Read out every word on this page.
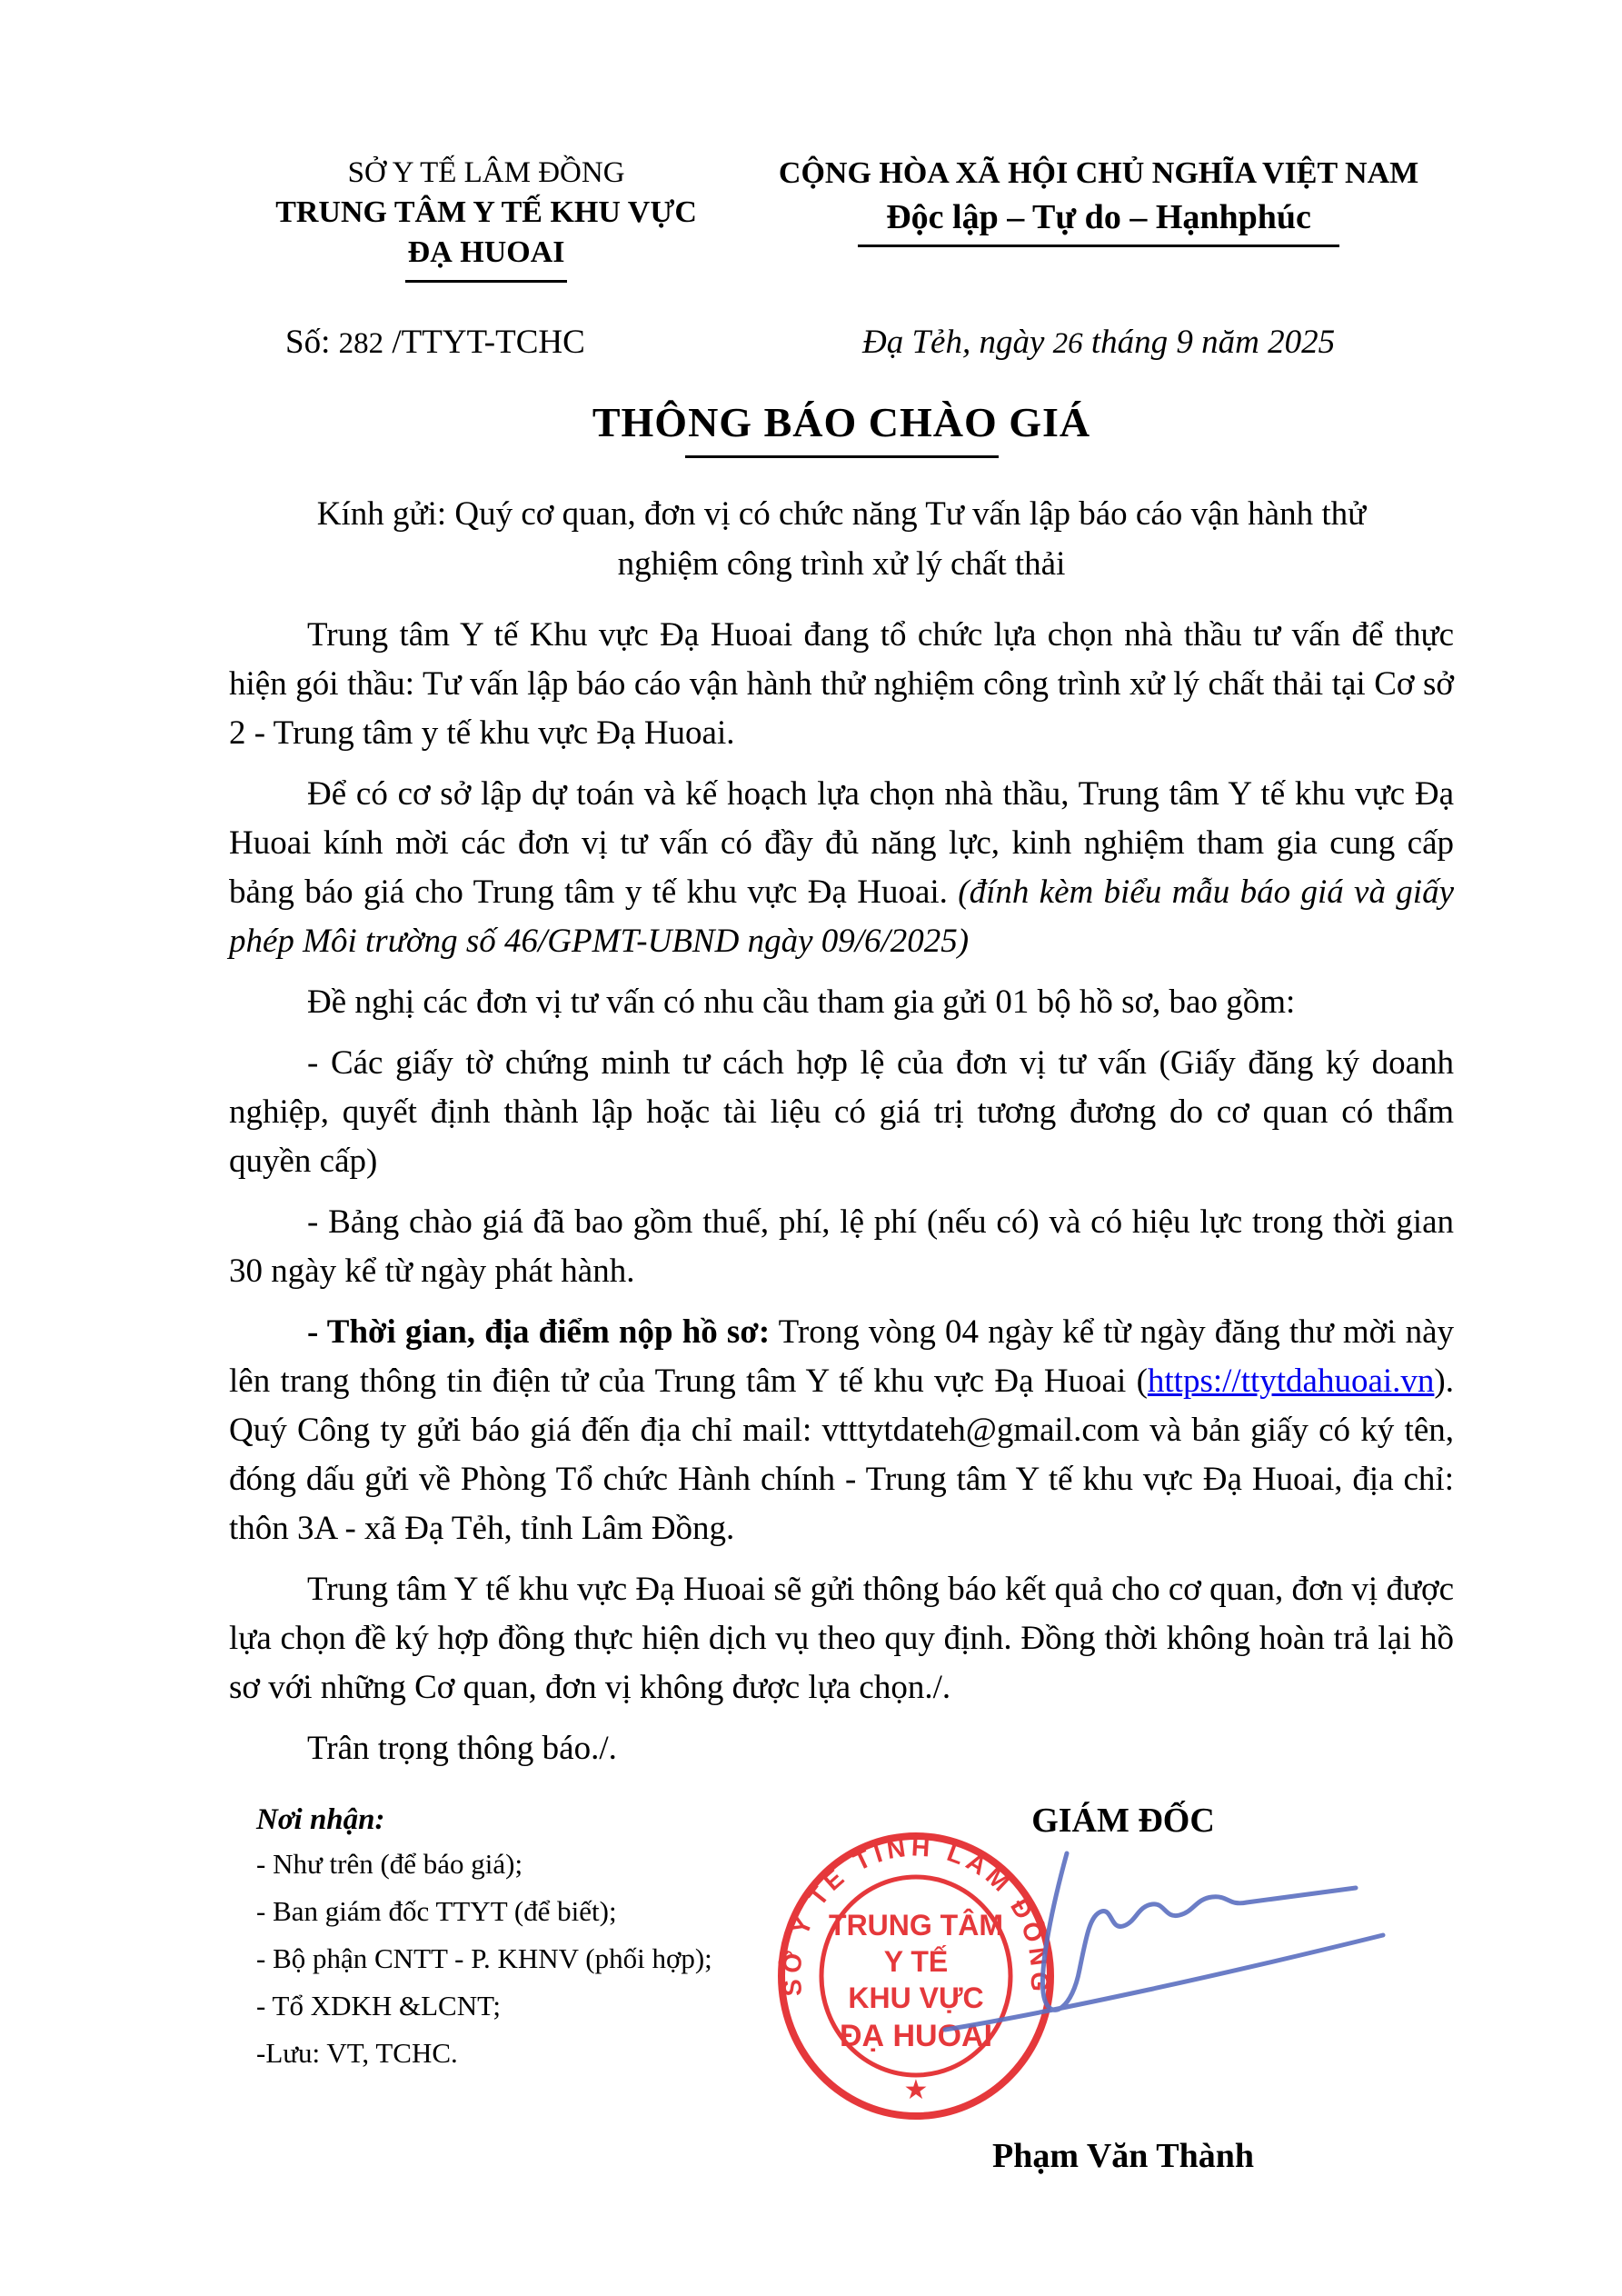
SỞ Y TẾ LÂM ĐỒNG
TRUNG TÂM Y TẾ KHU VỰC
ĐẠ HUOAI
CỘNG HÒA XÃ HỘI CHỦ NGHĨA VIỆT NAM
Độc lập – Tự do – Hạnhphúc
Số: 282 /TTYT-TCHC	Đạ Tẻh, ngày 26 tháng 9 năm 2025
THÔNG BÁO CHÀO GIÁ
Kính gửi: Quý cơ quan, đơn vị có chức năng Tư vấn lập báo cáo vận hành thử
nghiệm công trình xử lý chất thải

Trung tâm Y tế Khu vực Đạ Huoai đang tổ chức lựa chọn nhà thầu tư vấn để thực hiện gói thầu: Tư vấn lập báo cáo vận hành thử nghiệm công trình xử lý chất thải tại Cơ sở 2 - Trung tâm y tế khu vực Đạ Huoai.

Để có cơ sở lập dự toán và kế hoạch lựa chọn nhà thầu, Trung tâm Y tế khu vực Đạ Huoai kính mời các đơn vị tư vấn có đầy đủ năng lực, kinh nghiệm tham gia cung cấp bảng báo giá cho Trung tâm y tế khu vực Đạ Huoai. (đính kèm biểu mẫu báo giá và giấy phép Môi trường số 46/GPMT-UBND ngày 09/6/2025)

Đề nghị các đơn vị tư vấn có nhu cầu tham gia gửi 01 bộ hồ sơ, bao gồm:

- Các giấy tờ chứng minh tư cách hợp lệ của đơn vị tư vấn (Giấy đăng ký doanh nghiệp, quyết định thành lập hoặc tài liệu có giá trị tương đương do cơ quan có thẩm quyền cấp)

- Bảng chào giá đã bao gồm thuế, phí, lệ phí (nếu có) và có hiệu lực trong thời gian 30 ngày kể từ ngày phát hành.

- Thời gian, địa điểm nộp hồ sơ: Trong vòng 04 ngày kể từ ngày đăng thư mời này lên trang thông tin điện tử của Trung tâm Y tế khu vực Đạ Huoai (https://ttytdahuoai.vn). Quý Công ty gửi báo giá đến địa chỉ mail: vtttytdateh@gmail.com và bản giấy có ký tên, đóng dấu gửi về Phòng Tổ chức Hành chính - Trung tâm Y tế khu vực Đạ Huoai, địa chỉ: thôn 3A - xã Đạ Tẻh, tỉnh Lâm Đồng.

Trung tâm Y tế khu vực Đạ Huoai sẽ gửi thông báo kết quả cho cơ quan, đơn vị được lựa chọn đề ký hợp đồng thực hiện dịch vụ theo quy định. Đồng thời không hoàn trả lại hồ sơ với những Cơ quan, đơn vị không được lựa chọn./.

Trân trọng thông báo./.

Nơi nhận:
- Như trên (để báo giá);
- Ban giám đốc TTYT (để biết);
- Bộ phận CNTT - P. KHNV (phối hợp);
- Tổ XDKH &LCNT;
-Lưu: VT, TCHC.
GIÁM ĐỐC
SỞ Y TẾ TỈNH LÂM ĐỒNG
TRUNG TÂM
Y TẾ
KHU VỰC
ĐẠ HUOAI
★
Phạm Văn Thành
